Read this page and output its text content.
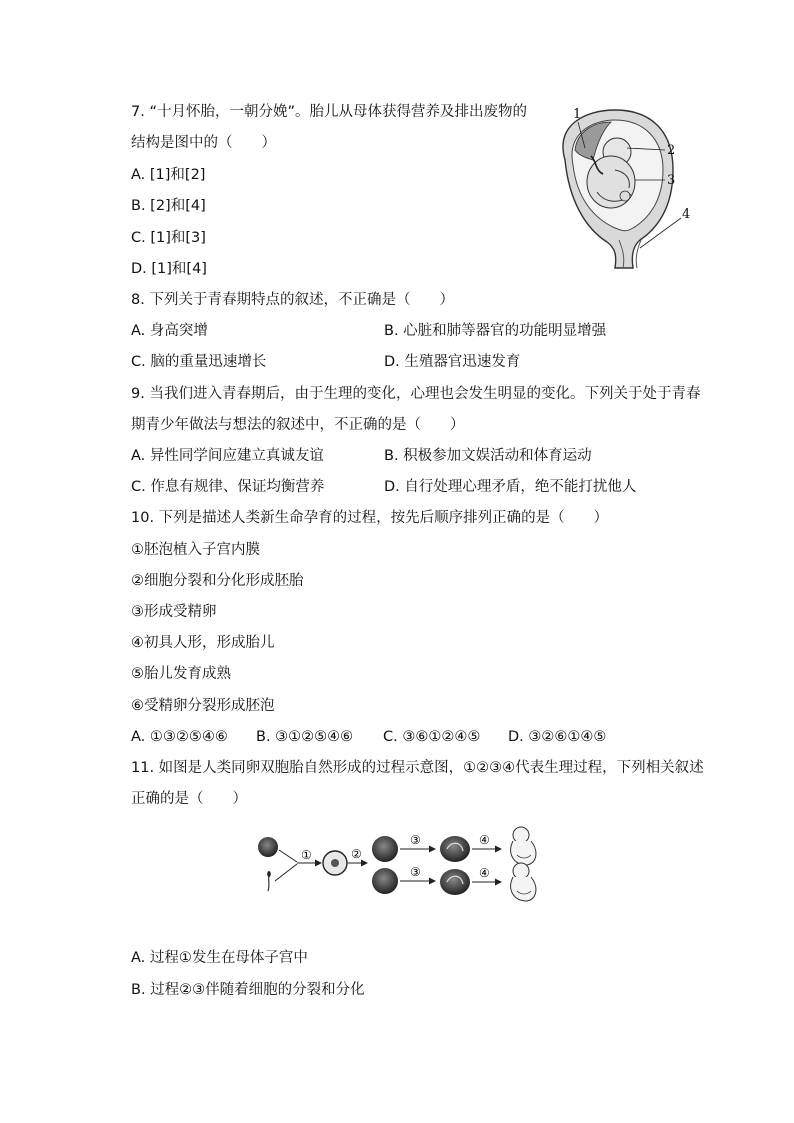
7. “十月怀胎，一朝分娩”。胎儿从母体获得营养及排出废物的
结构是图中的（　　）
A. [1]和[2]
B. [2]和[4]
C. [1]和[3]
D. [1]和[4]
1
2
3
4
8. 下列关于青春期特点的叙述，不正确是（　　）
A. 身高突增	B. 心脏和肺等器官的功能明显增强
C. 脑的重量迅速增长	D. 生殖器官迅速发育
9. 当我们进入青春期后，由于生理的变化，心理也会发生明显的变化。下列关于处于青春
期青少年做法与想法的叙述中，不正确的是（　　）
A. 异性同学间应建立真诚友谊	B. 积极参加文娱活动和体育运动
C. 作息有规律、保证均衡营养	D. 自行处理心理矛盾，绝不能打扰他人
10. 下列是描述人类新生命孕育的过程，按先后顺序排列正确的是（　　）
①胚泡植入子宫内膜
②细胞分裂和分化形成胚胎
③形成受精卵
④初具人形，形成胎儿
⑤胎儿发育成熟
⑥受精卵分裂形成胚泡
A. ①③②⑤④⑥ B. ③①②⑤④⑥ C. ③⑥①②④⑤ D. ③②⑥①④⑤
11. 如图是人类同卵双胞胎自然形成的过程示意图，①②③④代表生理过程，下列相关叙述
正确的是（　　）
①	②
③
③
④
④
A. 过程①发生在母体子宫中
B. 过程②③伴随着细胞的分裂和分化
